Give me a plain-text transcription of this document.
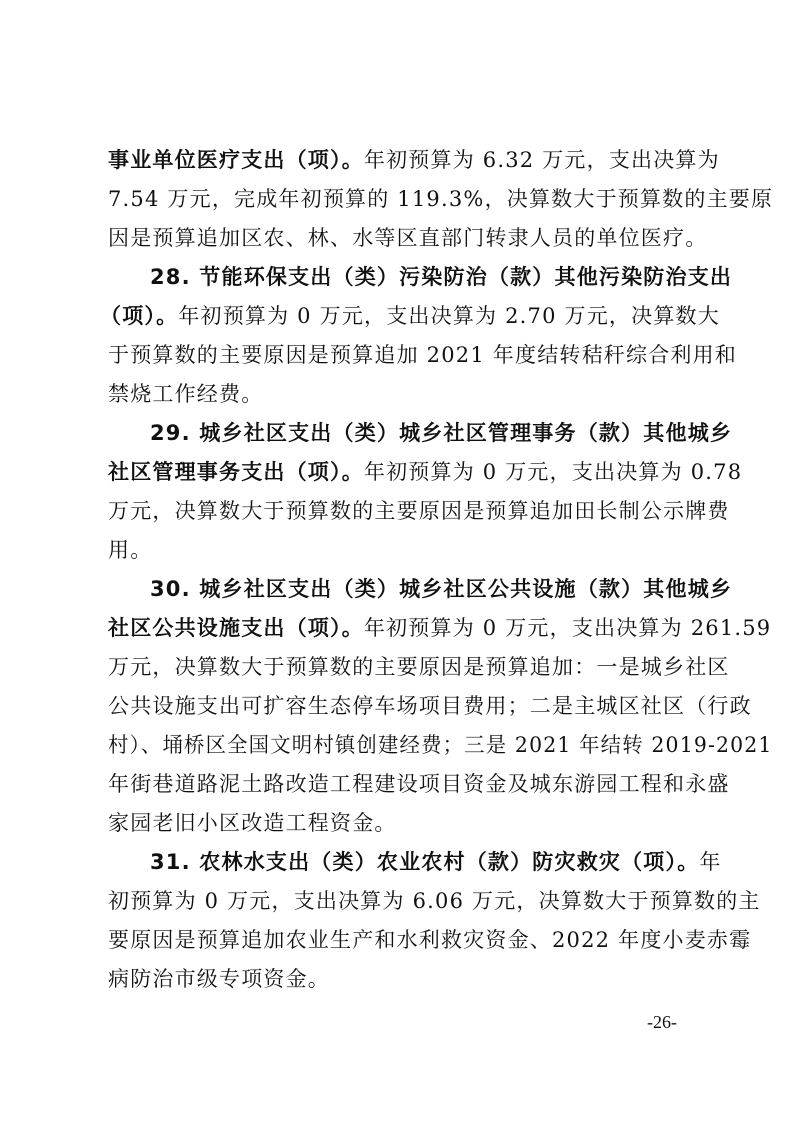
事业单位医疗支出（项）。年初预算为 6.32 万元，支出决算为
7.54 万元，完成年初预算的 119.3%，决算数大于预算数的主要原
因是预算追加区农、林、水等区直部门转隶人员的单位医疗。
28. 节能环保支出（类）污染防治（款）其他污染防治支出
（项）。年初预算为 0 万元，支出决算为 2.70 万元，决算数大
于预算数的主要原因是预算追加 2021 年度结转秸秆综合利用和
禁烧工作经费。
29. 城乡社区支出（类）城乡社区管理事务（款）其他城乡
社区管理事务支出（项）。年初预算为 0 万元，支出决算为 0.78
万元，决算数大于预算数的主要原因是预算追加田长制公示牌费
用。
30. 城乡社区支出（类）城乡社区公共设施（款）其他城乡
社区公共设施支出（项）。年初预算为 0 万元，支出决算为 261.59
万元，决算数大于预算数的主要原因是预算追加：一是城乡社区
公共设施支出可扩容生态停车场项目费用；二是主城区社区（行政
村）、埇桥区全国文明村镇创建经费；三是 2021 年结转 2019-2021
年街巷道路泥土路改造工程建设项目资金及城东游园工程和永盛
家园老旧小区改造工程资金。
31. 农林水支出（类）农业农村（款）防灾救灾（项）。年
初预算为 0 万元，支出决算为 6.06 万元，决算数大于预算数的主
要原因是预算追加农业生产和水利救灾资金、2022 年度小麦赤霉
病防治市级专项资金。
-26-
